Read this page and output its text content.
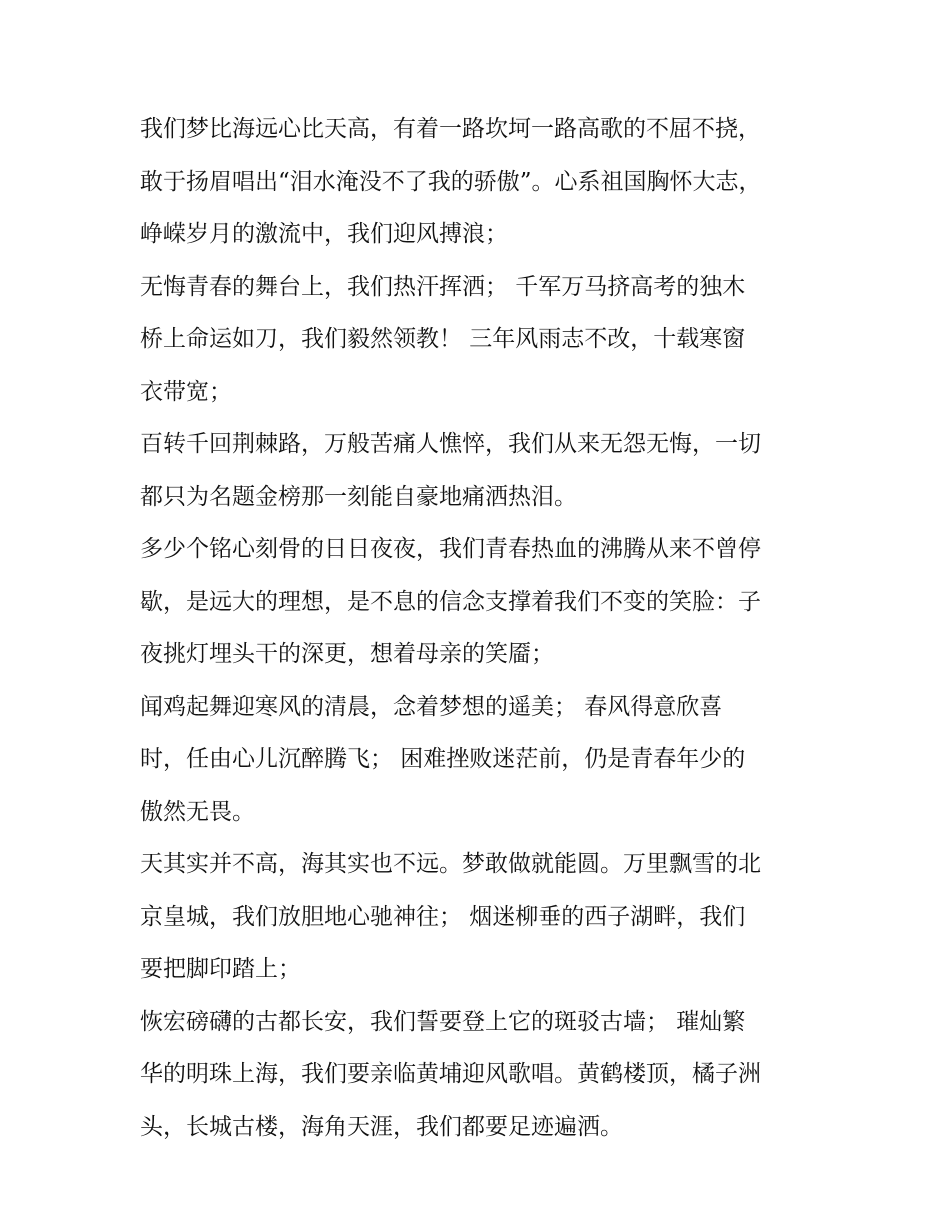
我们梦比海远心比天高，有着一路坎坷一路高歌的不屈不挠，
敢于扬眉唱出“泪水淹没不了我的骄傲”。心系祖国胸怀大志，
峥嵘岁月的激流中，我们迎风搏浪；
无悔青春的舞台上，我们热汗挥洒； 千军万马挤高考的独木
桥上命运如刀，我们毅然领教！ 三年风雨志不改，十载寒窗
衣带宽；
百转千回荆棘路，万般苦痛人憔悴，我们从来无怨无悔，一切
都只为名题金榜那一刻能自豪地痛洒热泪。
多少个铭心刻骨的日日夜夜，我们青春热血的沸腾从来不曾停
歇，是远大的理想，是不息的信念支撑着我们不变的笑脸：子
夜挑灯埋头干的深更，想着母亲的笑靥；
闻鸡起舞迎寒风的清晨，念着梦想的遥美； 春风得意欣喜
时，任由心儿沉醉腾飞； 困难挫败迷茫前，仍是青春年少的
傲然无畏。
天其实并不高，海其实也不远。梦敢做就能圆。万里飘雪的北
京皇城，我们放胆地心驰神往； 烟迷柳垂的西子湖畔，我们
要把脚印踏上；
恢宏磅礴的古都长安，我们誓要登上它的斑驳古墙； 璀灿繁
华的明珠上海，我们要亲临黄埔迎风歌唱。黄鹤楼顶，橘子洲
头，长城古楼，海角天涯，我们都要足迹遍洒。
